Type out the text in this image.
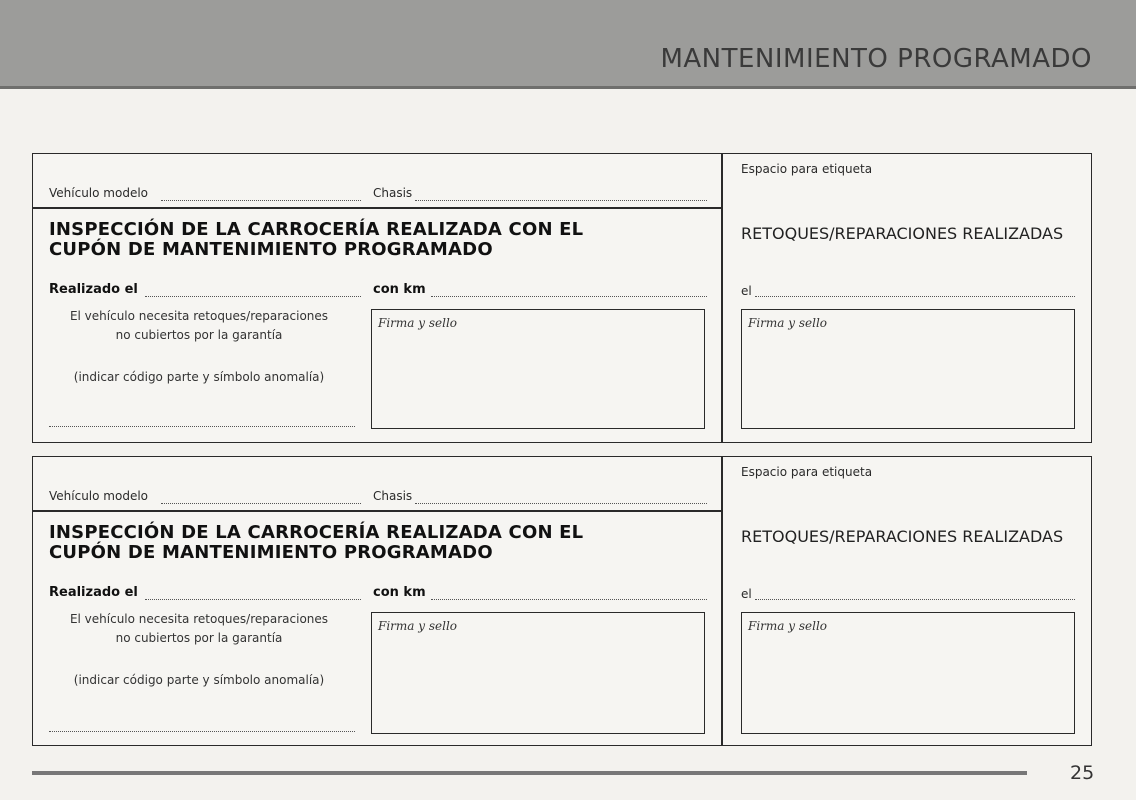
MANTENIMIENTO PROGRAMADO
Vehículo modelo	Chasis
Espacio para etiqueta
INSPECCIÓN DE LA CARROCERÍA REALIZADA CON EL
CUPÓN DE MANTENIMIENTO PROGRAMADO
Realizado el	con km
El vehículo necesita retoques/reparaciones
no cubiertos por la garantía
(indicar código parte y símbolo anomalía)
Firma y sello
RETOQUES/REPARACIONES REALIZADAS
el
Firma y sello
Vehículo modelo	Chasis
Espacio para etiqueta
INSPECCIÓN DE LA CARROCERÍA REALIZADA CON EL
CUPÓN DE MANTENIMIENTO PROGRAMADO
Realizado el	con km
El vehículo necesita retoques/reparaciones
no cubiertos por la garantía
(indicar código parte y símbolo anomalía)
Firma y sello
RETOQUES/REPARACIONES REALIZADAS
el
Firma y sello
25
